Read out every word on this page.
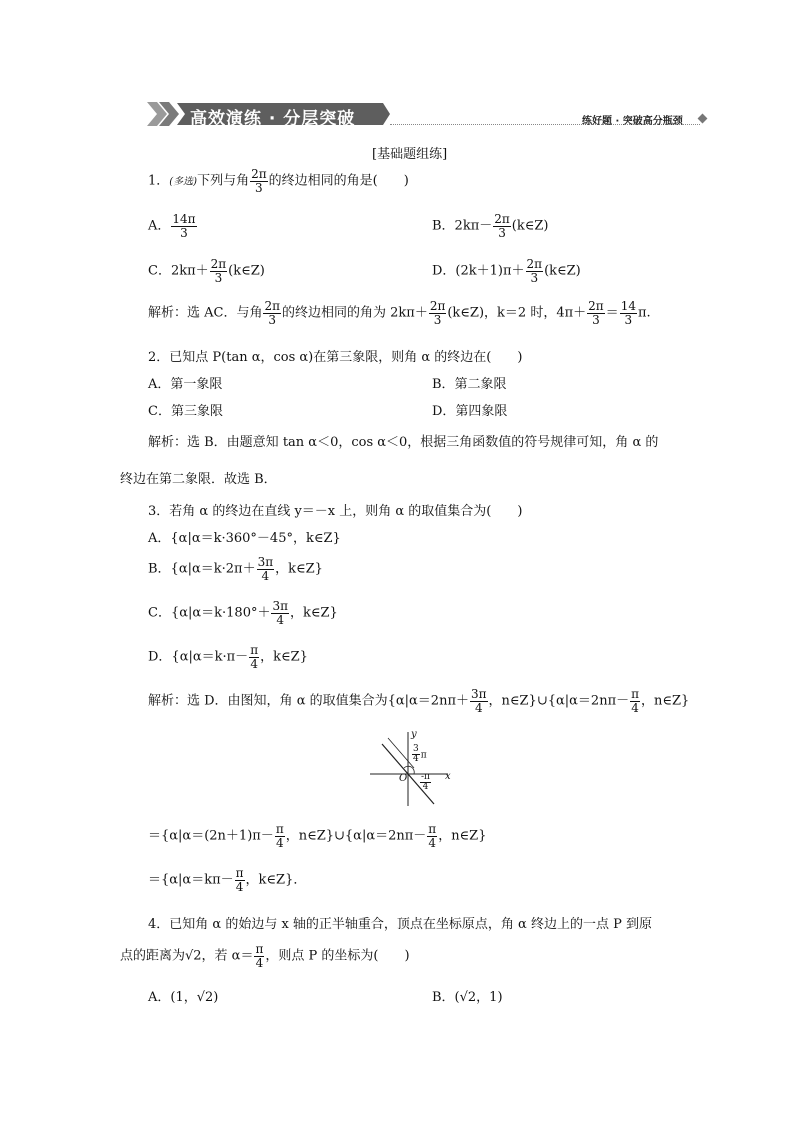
高效演练 · 分层突破	练好题 · 突破高分瓶颈
[基础题组练]
1．(多选)下列与角 $\frac{2\pi}{3}$ 的终边相同的角是(　　)
A． $\frac{14\pi}{3}$	B．$2k\pi- \frac{2\pi}{3}$ (k∈Z)
C．$2k\pi+ \frac{2\pi}{3}$ (k∈Z)	D．$(2k+1)\pi+ \frac{2\pi}{3}$ (k∈Z)
解析：选 AC．与角 $\frac{2\pi}{3}$ 的终边相同的角为 $2k\pi+ \frac{2\pi}{3}$ (k∈Z)，k＝2 时，$4\pi+ \frac{2\pi}{3} = \frac{14}{3} \pi$.
2．已知点 P(tan α，cos α)在第三象限，则角 α 的终边在(　　)
A．第一象限	B．第二象限
C．第三象限	D．第四象限
解析：选 B．由题意知 tan α＜0，cos α＜0，根据三角函数值的符号规律可知，角 α 的
终边在第二象限．故选 B．
3．若角 α 的终边在直线 y＝－x 上，则角 α 的取值集合为(　　)
A．{α|α＝k·360°－45°，k∈Z}
B．{$\alpha|\alpha=k\cdot 2\pi+ \frac{3\pi}{4}$ ，k∈Z}
C．{$\alpha|\alpha=k\cdot 180^\circ+ \frac{3\pi}{4}$ ，k∈Z}
D．{$\alpha|\alpha=k\cdot\pi- \frac{\pi}{4}$ ，k∈Z}
解析：选 D．由图知，角 α 的取值集合为{$\alpha|\alpha=2n\pi+ \frac{3\pi}{4}$ ，n∈Z}∪{α|α＝2nπ－ $\frac{\pi}{4}$ ，n∈Z}
y
x
O
$\frac{3}{4}$ π
$\frac{-\pi}{4}$
$=\{\alpha|\alpha=(2n+1)\pi- \frac{\pi}{4}$ ，n∈Z}∪{α|α＝2nπ－ $\frac{\pi}{4}$ ，n∈Z}
$=\{\alpha|\alpha=k\pi- \frac{\pi}{4}$ ，k∈Z}．
4．已知角 α 的始边与 x 轴的正半轴重合，顶点在坐标原点，角 α 终边上的一点 P 到原
点的距离为√2，若 $\alpha= \frac{\pi}{4}$ ，则点 P 的坐标为(　　)
A．(1，√2)	B．(√2，1)
